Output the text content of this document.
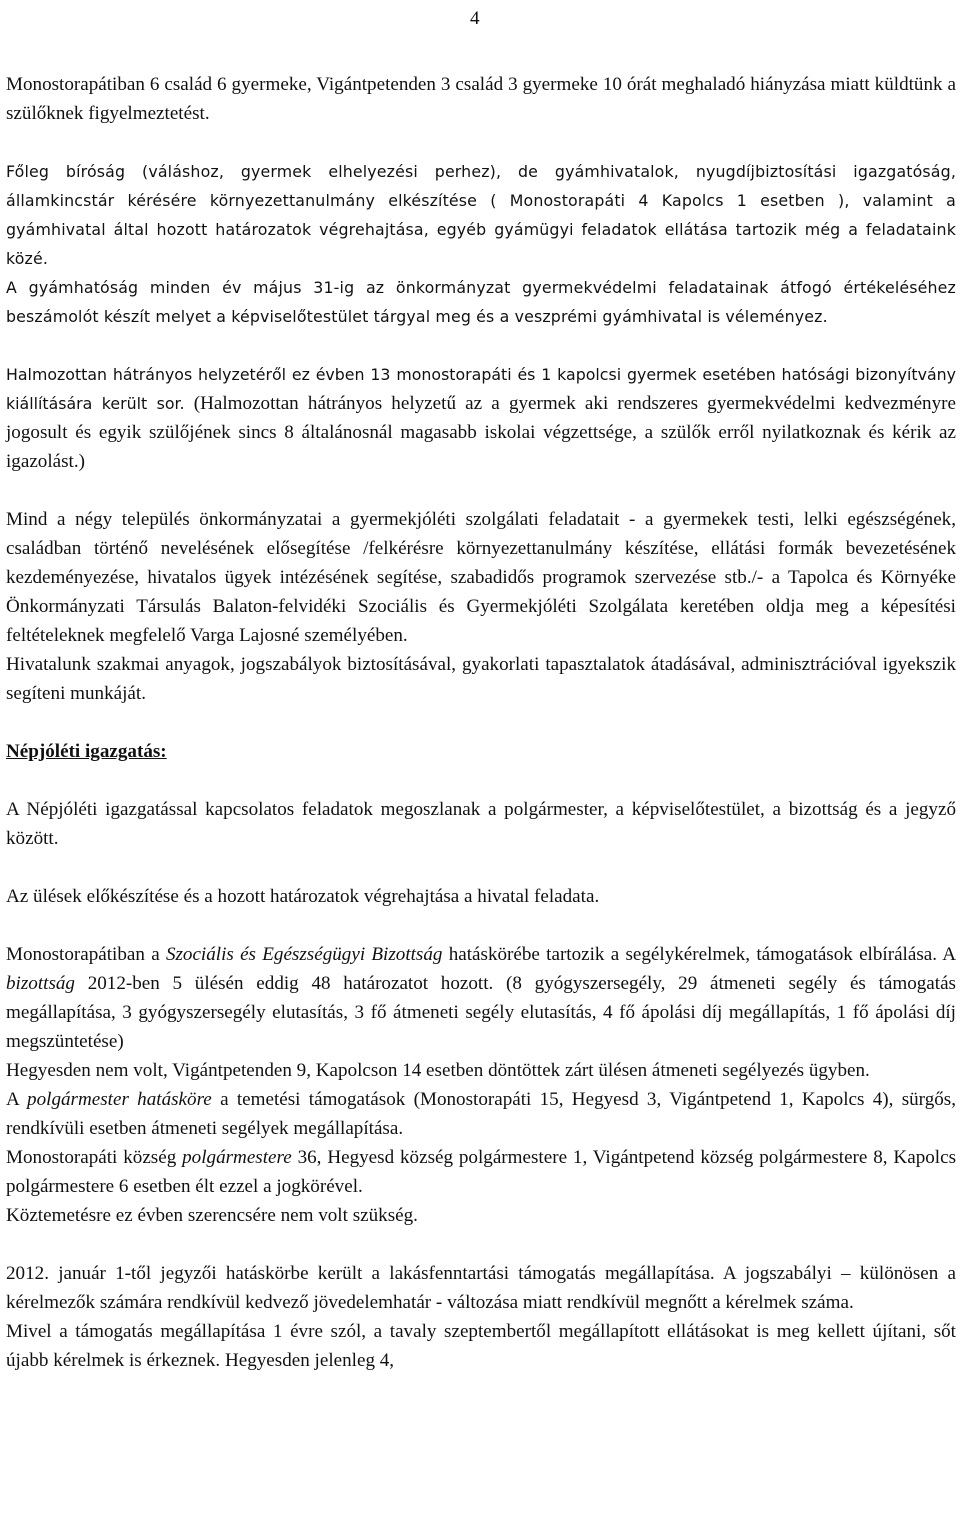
4

Monostorapátiban 6 család 6 gyermeke, Vigántpetenden 3 család 3 gyermeke 10 órát meghaladó hiányzása miatt küldtünk a szülőknek figyelmeztetést.

Főleg bíróság (váláshoz, gyermek elhelyezési perhez), de gyámhivatalok, nyugdíjbiztosítási igazgatóság, államkincstár kérésére környezettanulmány elkészítése ( Monostorapáti 4 Kapolcs 1 esetben ), valamint a gyámhivatal által hozott határozatok végrehajtása, egyéb gyámügyi feladatok ellátása tartozik még a feladataink közé.

A gyámhatóság minden év május 31-ig az önkormányzat gyermekvédelmi feladatainak átfogó értékeléséhez beszámolót készít melyet a képviselőtestület tárgyal meg és a veszprémi gyámhivatal is véleményez.

Halmozottan hátrányos helyzetéről ez évben 13 monostorapáti és 1 kapolcsi gyermek esetében hatósági bizonyítvány kiállítására került sor. (Halmozottan hátrányos helyzetű az a gyermek aki rendszeres gyermekvédelmi kedvezményre jogosult és egyik szülőjének sincs 8 általánosnál magasabb iskolai végzettsége, a szülők erről nyilatkoznak és kérik az igazolást.)

Mind a négy település önkormányzatai a gyermekjóléti szolgálati feladatait - a gyermekek testi, lelki egészségének, családban történő nevelésének elősegítése /felkérésre környezettanulmány készítése, ellátási formák bevezetésének kezdeményezése, hivatalos ügyek intézésének segítése, szabadidős programok szervezése stb./- a Tapolca és Környéke Önkormányzati Társulás Balaton-felvidéki Szociális és Gyermekjóléti Szolgálata keretében oldja meg a képesítési feltételeknek megfelelő Varga Lajosné személyében.

Hivatalunk szakmai anyagok, jogszabályok biztosításával, gyakorlati tapasztalatok átadásával, adminisztrációval igyekszik segíteni munkáját.

Népjóléti igazgatás:

A Népjóléti igazgatással kapcsolatos feladatok megoszlanak a polgármester, a képviselőtestület, a bizottság és a jegyző között.

Az ülések előkészítése és a hozott határozatok végrehajtása a hivatal feladata.

Monostorapátiban a Szociális és Egészségügyi Bizottság hatáskörébe tartozik a segélykérelmek, támogatások elbírálása. A bizottság 2012-ben 5 ülésén eddig 48 határozatot hozott. (8 gyógyszersegély, 29 átmeneti segély és támogatás megállapítása, 3 gyógyszersegély elutasítás, 3 fő átmeneti segély elutasítás, 4 fő ápolási díj megállapítás, 1 fő ápolási díj megszüntetése)

Hegyesden nem volt, Vigántpetenden 9, Kapolcson 14 esetben döntöttek zárt ülésen átmeneti segélyezés ügyben.

A polgármester hatásköre a temetési támogatások (Monostorapáti 15, Hegyesd 3, Vigántpetend 1, Kapolcs 4), sürgős, rendkívüli esetben átmeneti segélyek megállapítása.

Monostorapáti község polgármestere 36, Hegyesd község polgármestere 1, Vigántpetend község polgármestere 8, Kapolcs polgármestere 6 esetben élt ezzel a jogkörével.

Köztemetésre ez évben szerencsére nem volt szükség.

2012. január 1-től jegyzői hatáskörbe került a lakásfenntartási támogatás megállapítása. A jogszabályi – különösen a kérelmezők számára rendkívül kedvező jövedelemhatár - változása miatt rendkívül megnőtt a kérelmek száma.

Mivel a támogatás megállapítása 1 évre szól, a tavaly szeptembertől megállapított ellátásokat is meg kellett újítani, sőt újabb kérelmek is érkeznek. Hegyesden jelenleg 4,
